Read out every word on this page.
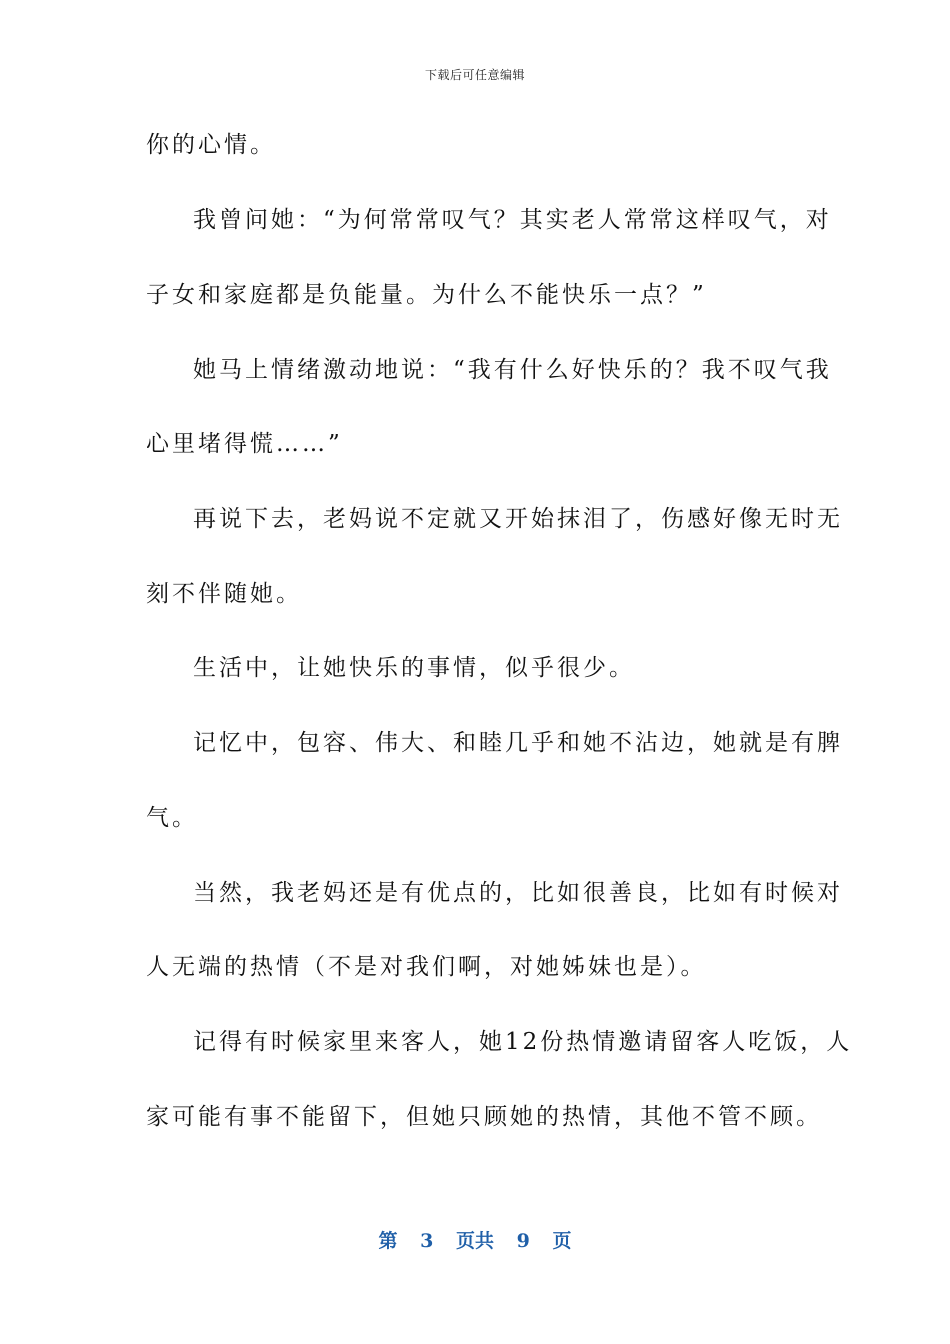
下载后可任意编辑
你的心情。
我曾问她：“为何常常叹气？其实老人常常这样叹气，对
子女和家庭都是负能量。为什么不能快乐一点？”
她马上情绪激动地说：“我有什么好快乐的？我不叹气我
心里堵得慌……”
再说下去，老妈说不定就又开始抹泪了，伤感好像无时无
刻不伴随她。
生活中，让她快乐的事情，似乎很少。
记忆中，包容、伟大、和睦几乎和她不沾边，她就是有脾
气。
当然，我老妈还是有优点的，比如很善良，比如有时候对
人无端的热情（不是对我们啊，对她姊妹也是）。
记得有时候家里来客人，她12份热情邀请留客人吃饭，人
家可能有事不能留下，但她只顾她的热情，其他不管不顾。
第 3 页共 9 页
